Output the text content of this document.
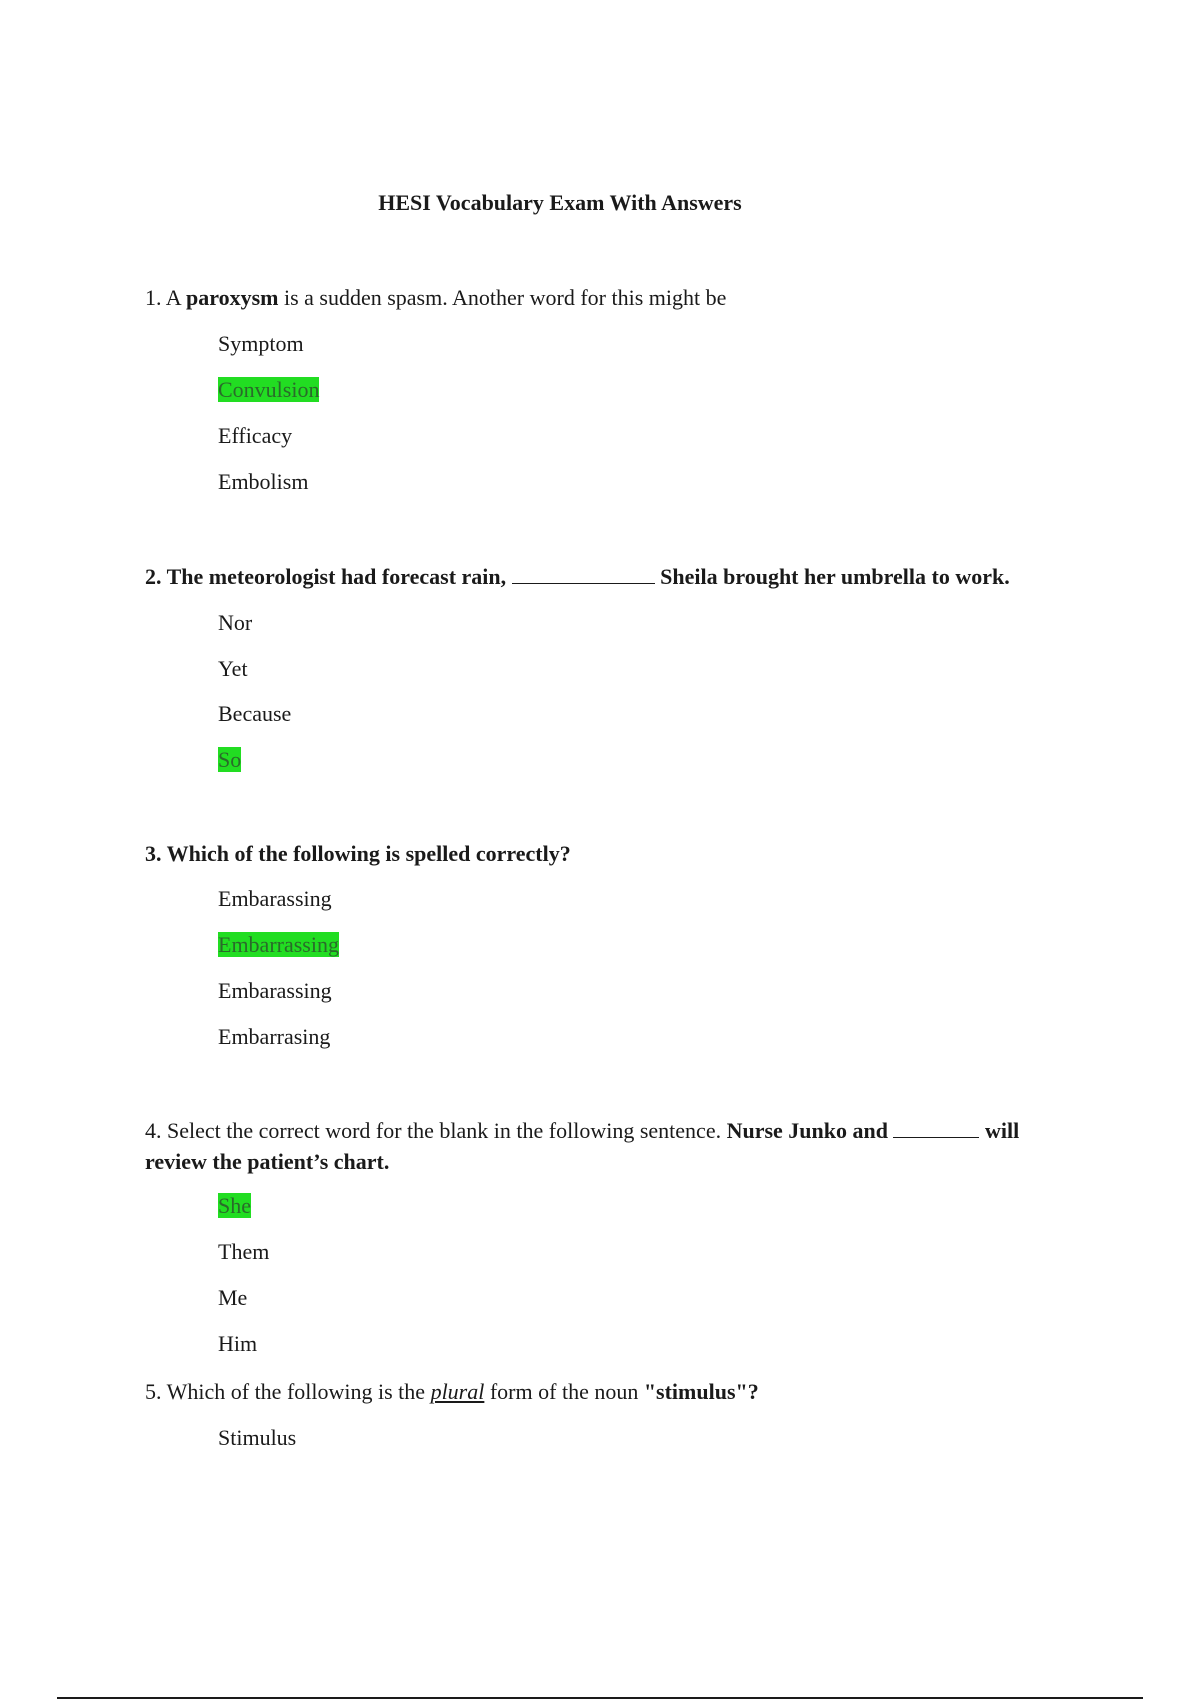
HESI Vocabulary Exam With Answers
1. A paroxysm is a sudden spasm. Another word for this might be
Symptom
Convulsion
Efficacy
Embolism
2. The meteorologist had forecast rain,	Sheila brought her umbrella to work.
Nor
Yet
Because
So
3. Which of the following is spelled correctly?
Embarassing
Embarrassing
Embarassing
Embarrasing
4. Select the correct word for the blank in the following sentence. Nurse Junko and	will review the patient’s chart.
She
Them
Me
Him
5. Which of the following is the plural form of the noun "stimulus"?
Stimulus
